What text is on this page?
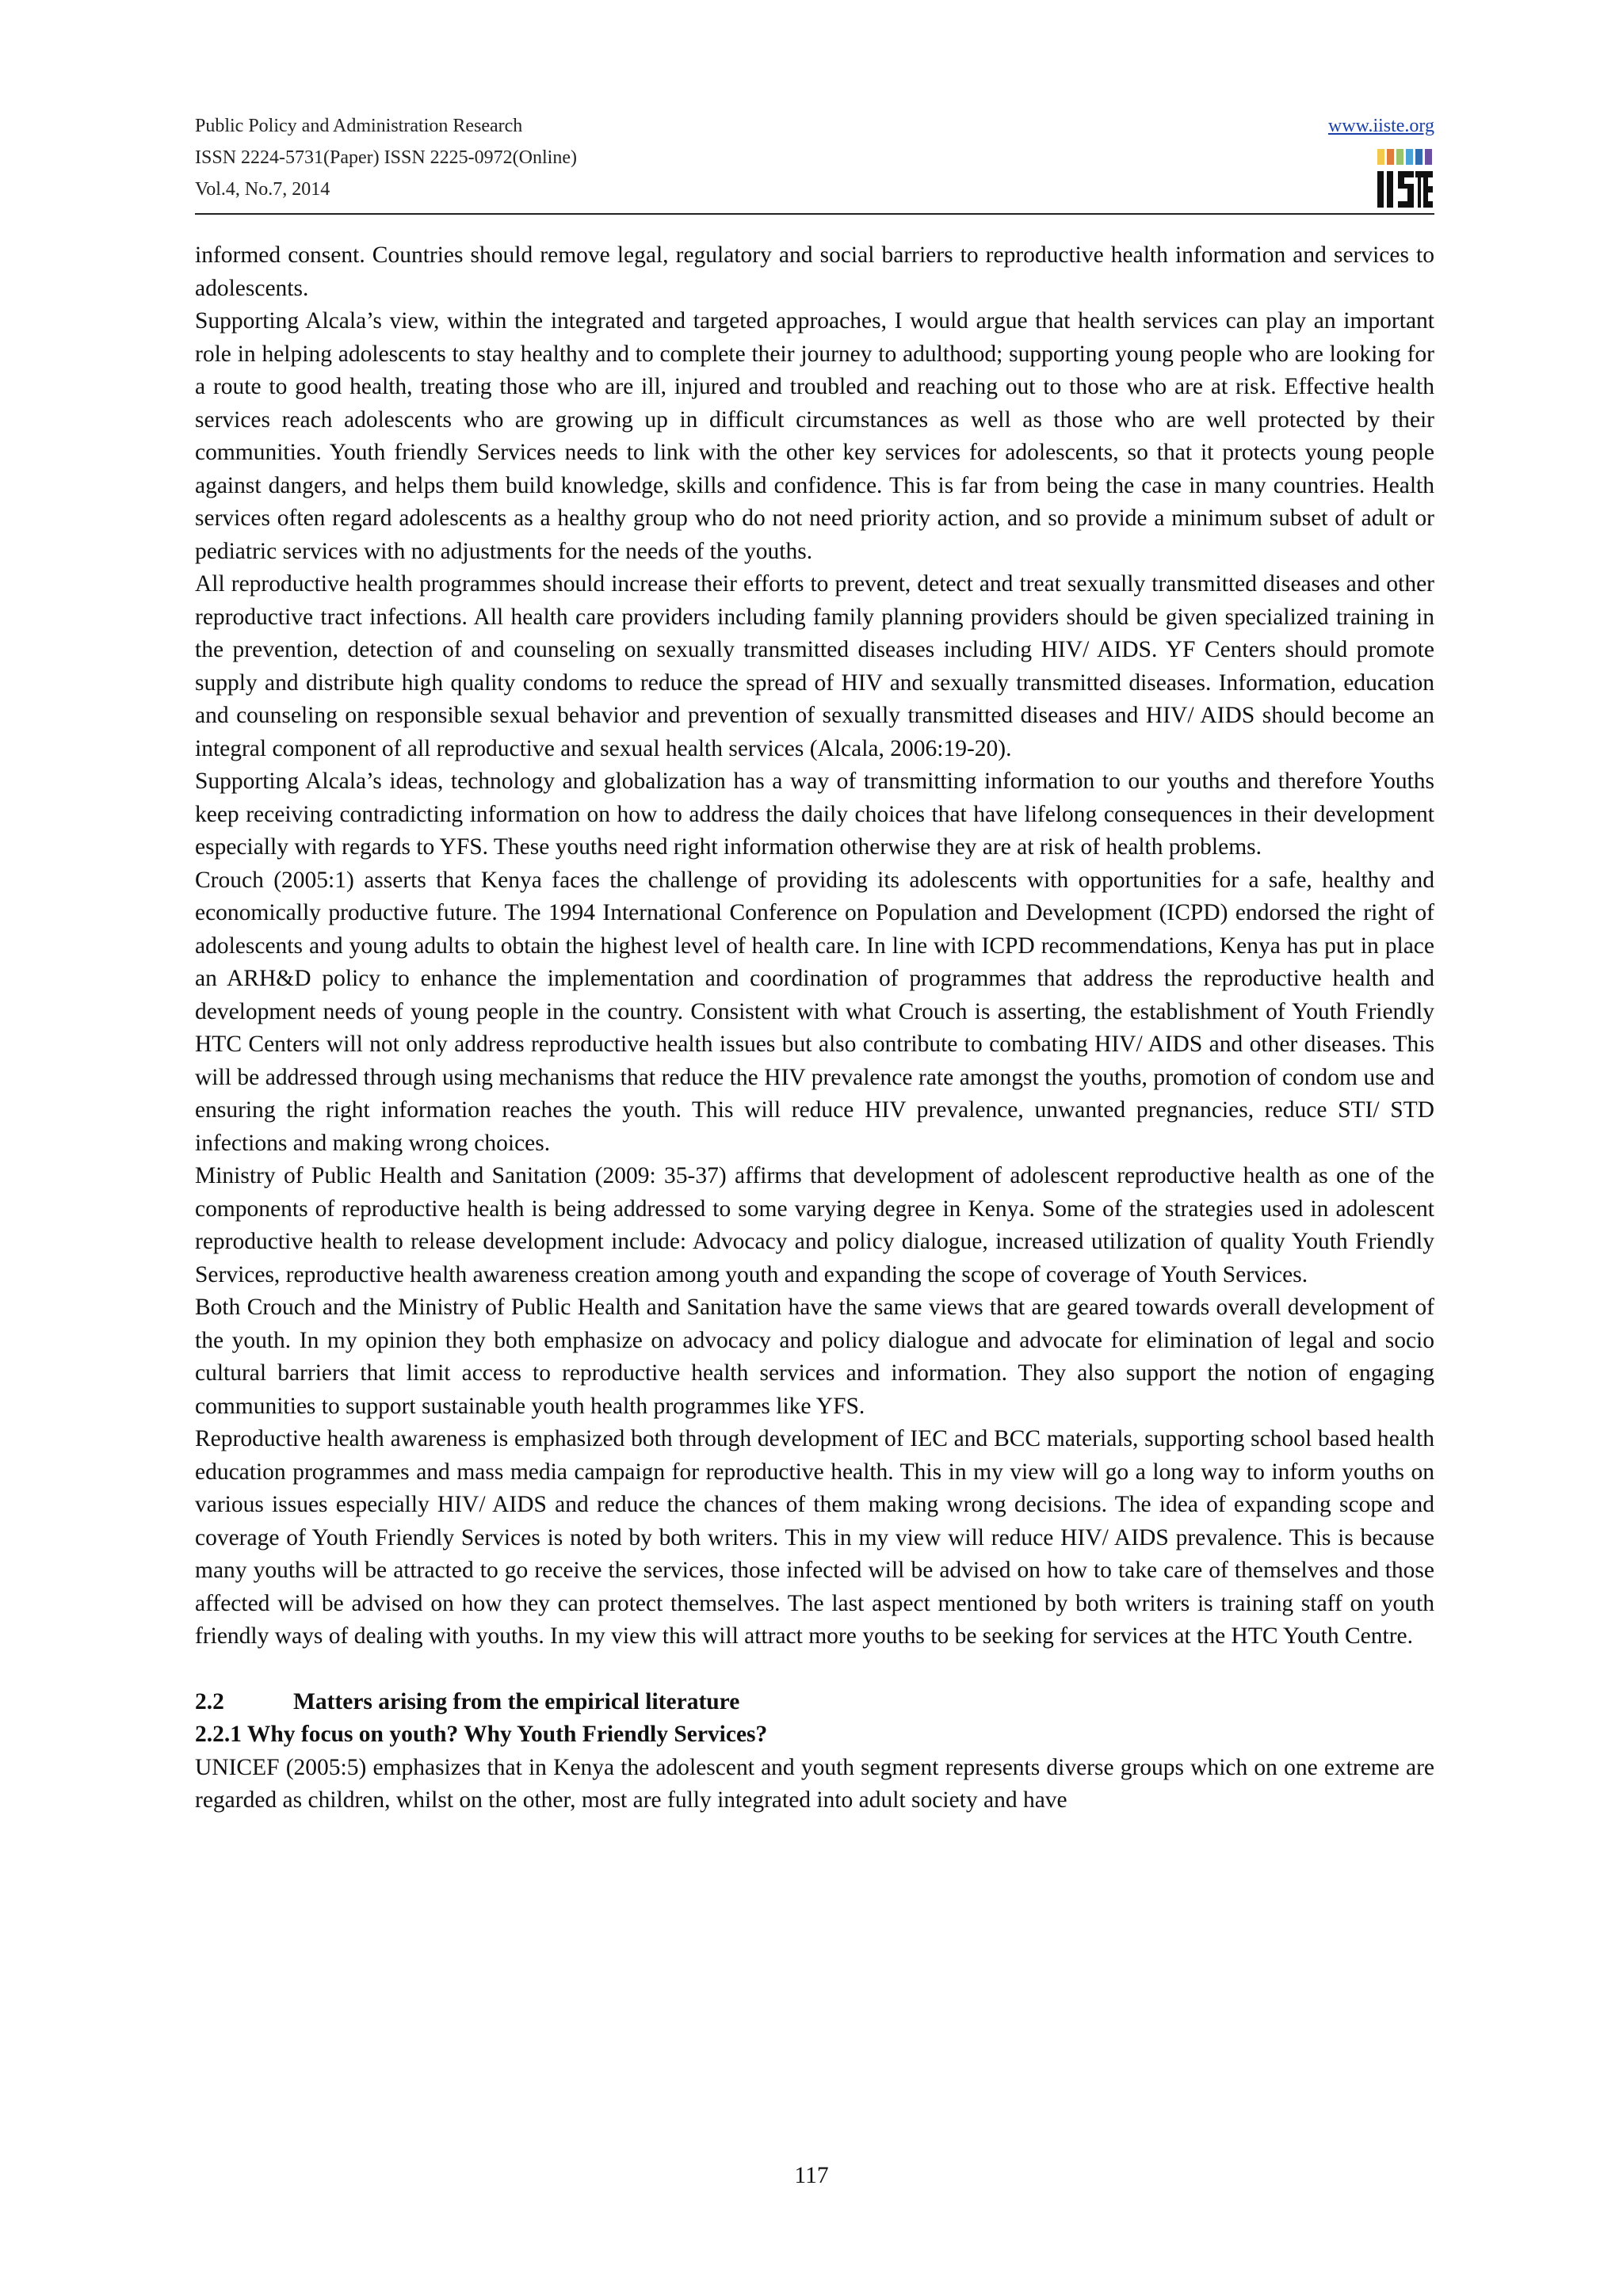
Public Policy and Administration Research
ISSN 2224-5731(Paper) ISSN 2225-0972(Online)
Vol.4, No.7, 2014
www.iiste.org

informed consent. Countries should remove legal, regulatory and social barriers to reproductive health information and services to adolescents.

Supporting Alcala’s view, within the integrated and targeted approaches, I would argue that health services can play an important role in helping adolescents to stay healthy and to complete their journey to adulthood; supporting young people who are looking for a route to good health, treating those who are ill, injured and troubled and reaching out to those who are at risk. Effective health services reach adolescents who are growing up in difficult circumstances as well as those who are well protected by their communities. Youth friendly Services needs to link with the other key services for adolescents, so that it protects young people against dangers, and helps them build knowledge, skills and confidence. This is far from being the case in many countries. Health services often regard adolescents as a healthy group who do not need priority action, and so provide a minimum subset of adult or pediatric services with no adjustments for the needs of the youths.

All reproductive health programmes should increase their efforts to prevent, detect and treat sexually transmitted diseases and other reproductive tract infections. All health care providers including family planning providers should be given specialized training in the prevention, detection of and counseling on sexually transmitted diseases including HIV/ AIDS. YF Centers should promote supply and distribute high quality condoms to reduce the spread of HIV and sexually transmitted diseases. Information, education and counseling on responsible sexual behavior and prevention of sexually transmitted diseases and HIV/ AIDS should become an integral component of all reproductive and sexual health services (Alcala, 2006:19-20).

Supporting Alcala’s ideas, technology and globalization has a way of transmitting information to our youths and therefore Youths keep receiving contradicting information on how to address the daily choices that have lifelong consequences in their development especially with regards to YFS. These youths need right information otherwise they are at risk of health problems.

Crouch (2005:1) asserts that Kenya faces the challenge of providing its adolescents with opportunities for a safe, healthy and economically productive future. The 1994 International Conference on Population and Development (ICPD) endorsed the right of adolescents and young adults to obtain the highest level of health care. In line with ICPD recommendations, Kenya has put in place an ARH&D policy to enhance the implementation and coordination of programmes that address the reproductive health and development needs of young people in the country. Consistent with what Crouch is asserting, the establishment of Youth Friendly HTC Centers will not only address reproductive health issues but also contribute to combating HIV/ AIDS and other diseases. This will be addressed through using mechanisms that reduce the HIV prevalence rate amongst the youths, promotion of condom use and ensuring the right information reaches the youth. This will reduce HIV prevalence, unwanted pregnancies, reduce STI/ STD infections and making wrong choices.

Ministry of Public Health and Sanitation (2009: 35-37) affirms that development of adolescent reproductive health as one of the components of reproductive health is being addressed to some varying degree in Kenya. Some of the strategies used in adolescent reproductive health to release development include: Advocacy and policy dialogue, increased utilization of quality Youth Friendly Services, reproductive health awareness creation among youth and expanding the scope of coverage of Youth Services.

Both Crouch and the Ministry of Public Health and Sanitation have the same views that are geared towards overall development of the youth. In my opinion they both emphasize on advocacy and policy dialogue and advocate for elimination of legal and socio cultural barriers that limit access to reproductive health services and information. They also support the notion of engaging communities to support sustainable youth health programmes like YFS.

Reproductive health awareness is emphasized both through development of IEC and BCC materials, supporting school based health education programmes and mass media campaign for reproductive health. This in my view will go a long way to inform youths on various issues especially HIV/ AIDS and reduce the chances of them making wrong decisions. The idea of expanding scope and coverage of Youth Friendly Services is noted by both writers. This in my view will reduce HIV/ AIDS prevalence. This is because many youths will be attracted to go receive the services, those infected will be advised on how to take care of themselves and those affected will be advised on how they can protect themselves. The last aspect mentioned by both writers is training staff on youth friendly ways of dealing with youths. In my view this will attract more youths to be seeking for services at the HTC Youth Centre.

2.2	Matters arising from the empirical literature

2.2.1 Why focus on youth? Why Youth Friendly Services?

UNICEF (2005:5) emphasizes that in Kenya the adolescent and youth segment represents diverse groups which on one extreme are regarded as children, whilst on the other, most are fully integrated into adult society and have

117
